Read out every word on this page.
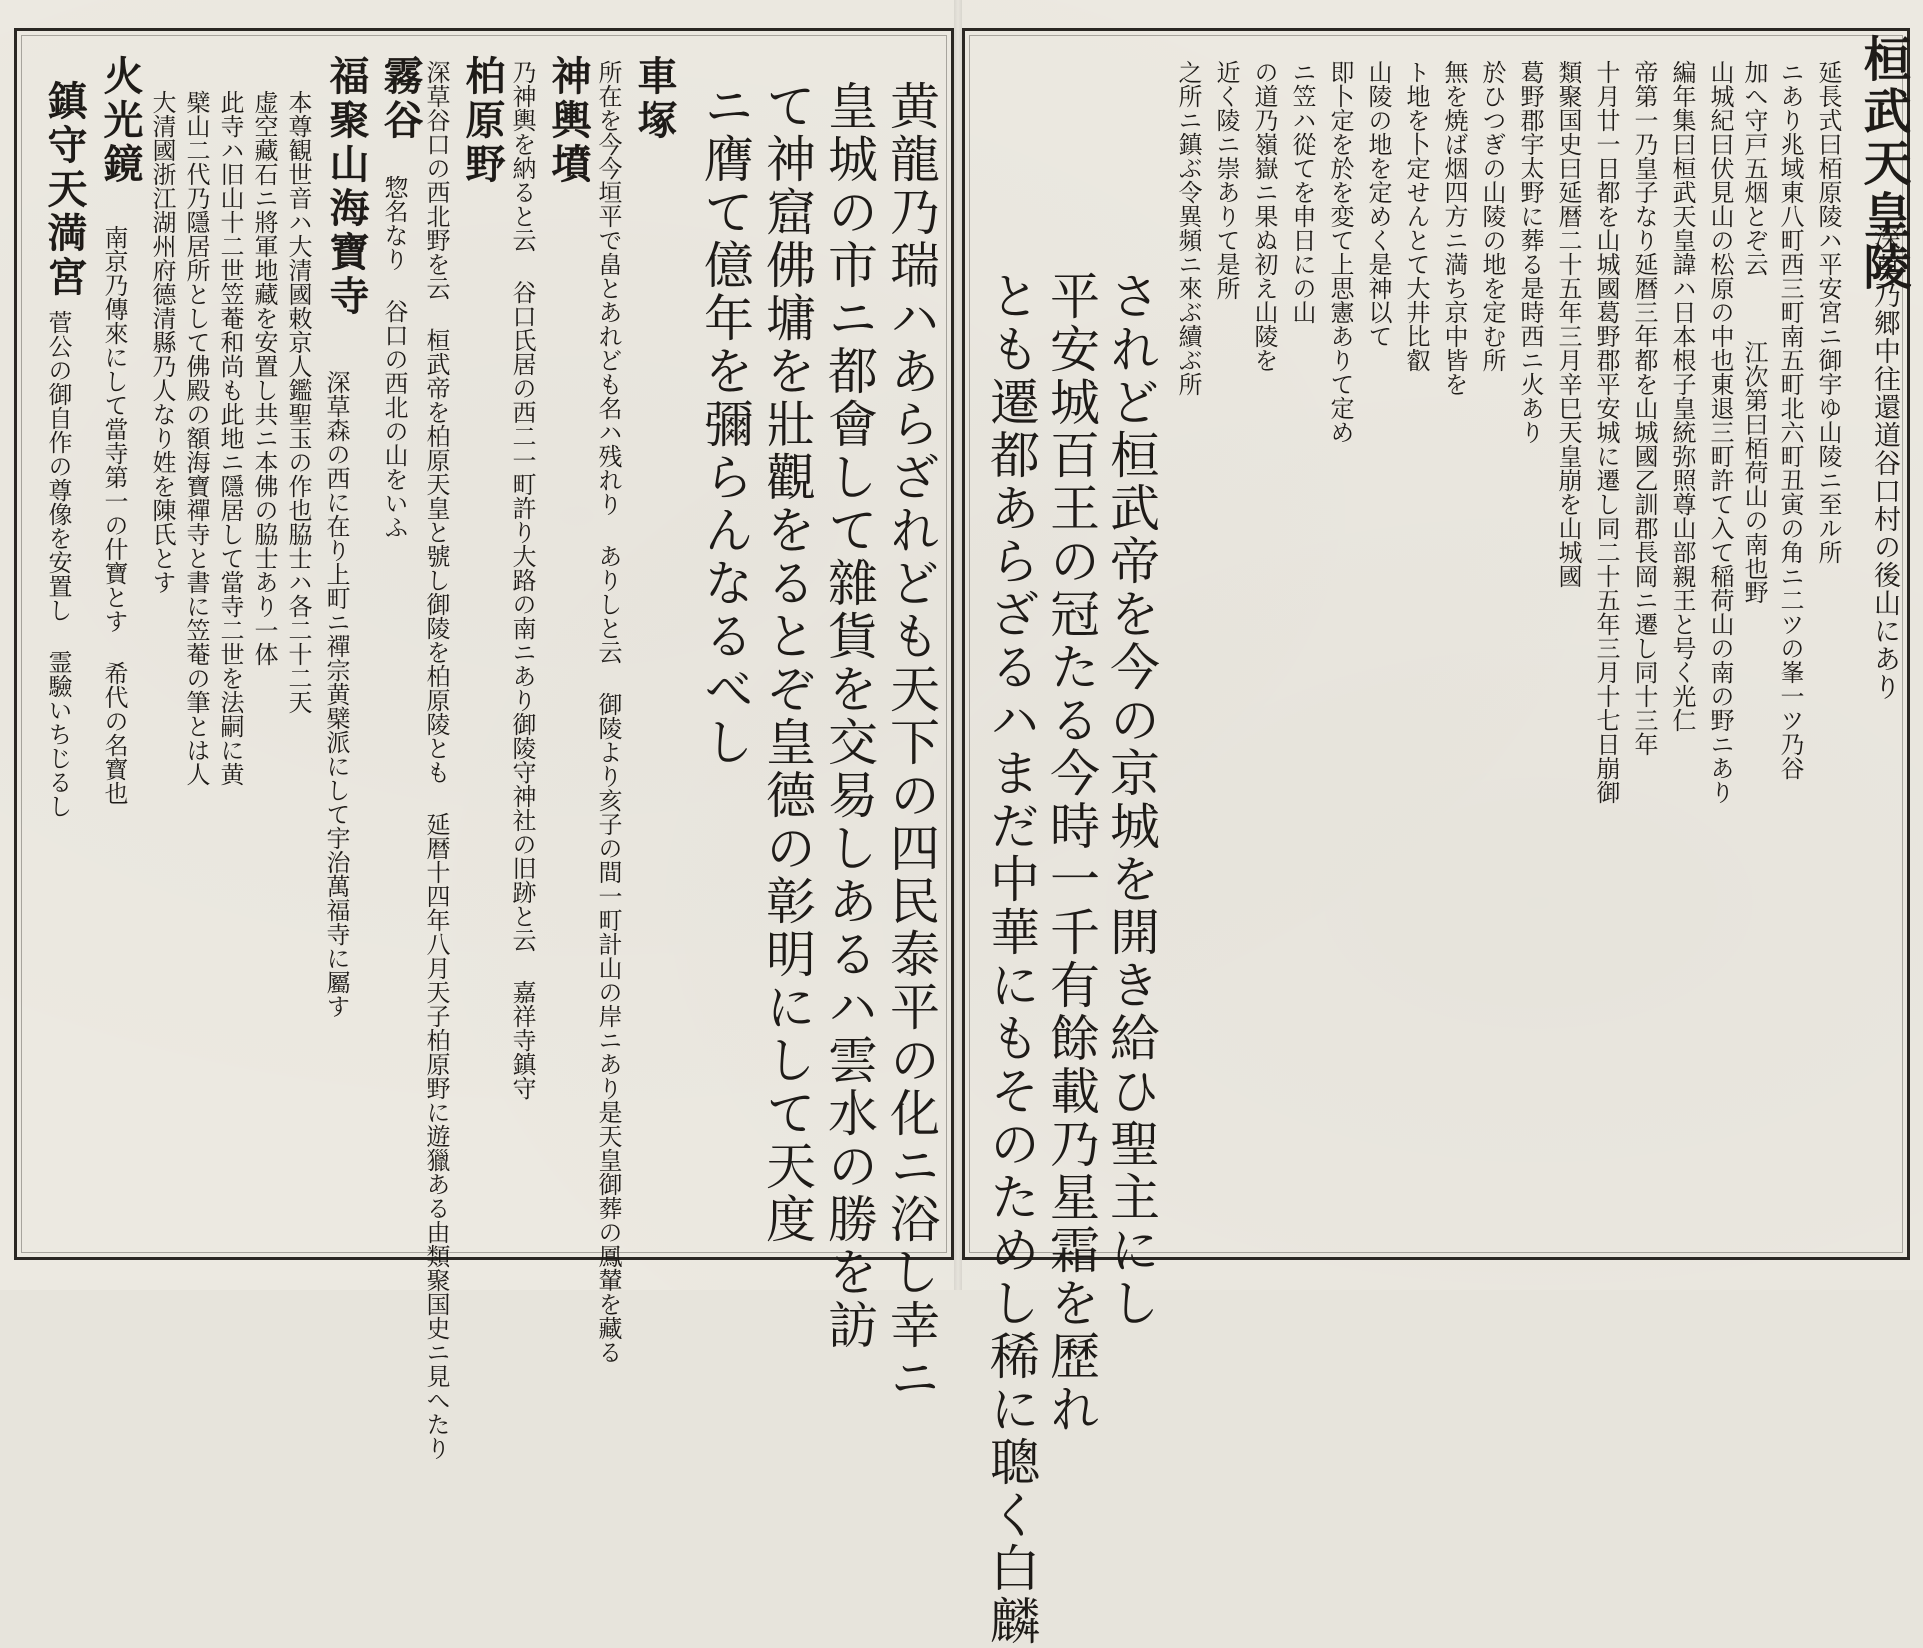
桓武天皇陵
深草乃郷中往還道谷口村の後山にあり
延長式曰栢原陵ハ平安宮ニ御宇ゆ山陵ニ至ル所
ニあり兆域東八町西三町南五町北六町丑寅の角ニ二ツの峯一ツ乃谷
加へ守戸五烟とぞ云
江次第曰栢荷山の南也野
山城紀曰伏見山の松原の中也東退三町許て入て稲荷山の南の野ニあり
編年集曰桓武天皇諱ハ日本根子皇統弥照尊山部親王と号く光仁
帝第一乃皇子なり延暦三年都を山城國乙訓郡長岡ニ遷し同十三年
十月廿一日都を山城國葛野郡平安城に遷し同二十五年三月十七日崩御
類聚国史曰延暦二十五年三月辛巳天皇崩を山城國
葛野郡宇太野に葬る是時西ニ火あり
於ひつぎの山陵の地を定む所
無を焼ば烟四方ニ満ち京中皆を
ト地を卜定せんとて大井比叡
山陵の地を定めく是神以て
即卜定を於を変て上思憲ありて定め
ニ笠ハ從てを申日にの山
の道乃嶺嶽ニ果ぬ初え山陵を
近く陵ニ崇ありて是所
之所ニ鎮ぶ令異頻ニ來ぶ續ぶ所
されど桓武帝を今の京城を開き給ひ聖主にし
平安城百王の冠たる今時一千有餘載乃星霜を歷れ
とも遷都あらざるハまだ中華にもそのためし稀に聰く白麟
黄龍乃瑞ハあらざれども天下の四民泰平の化ニ浴し幸ニ
皇城の市ニ都會して雜貨を交易しあるハ雲水の勝を訪
て神窟佛墉を壯觀をるとぞ皇德の彰明にして天度
ニ膺て億年を彌らんなるべし
車塚
所在を今今垣平で畠とあれども名ハ残れり ありしと云 御陵より亥子の間一町計山の岸ニあり是天皇御葬の鳳輦を藏る
神輿墳
乃神輿を納ると云 谷口氏居の西二一町許り大路の南ニあり御陵守神社の旧跡と云 嘉祥寺鎮守
柏原野
深草谷口の西北野を云 桓武帝を柏原天皇と號し御陵を柏原陵とも 延暦十四年八月天子柏原野に遊獵ある由類聚国史ニ見へたり
霧谷
惣名なり 谷口の西北の山をいふ
福聚山海寶寺
深草森の西に在り上町ニ禪宗黄檗派にして宇治萬福寺に屬す
本尊観世音ハ大清國敕京人鑑聖玉の作也脇士ハ各二十二天
虚空藏石ニ將軍地藏を安置し共ニ本佛の脇士あり一体
此寺ハ旧山十二世笠菴和尚も此地ニ隱居して當寺二世を法嗣に黄
檗山二代乃隱居所として佛殿の額海寶禪寺と書に笠菴の筆とは人
大清國浙江湖州府德清縣乃人なり姓を陳氏とす
火光鏡
南京乃傳來にして當寺第一の什寶とす 希代の名寳也
鎮守天満宮
菅公の御自作の尊像を安置し 霊驗いちじるし
